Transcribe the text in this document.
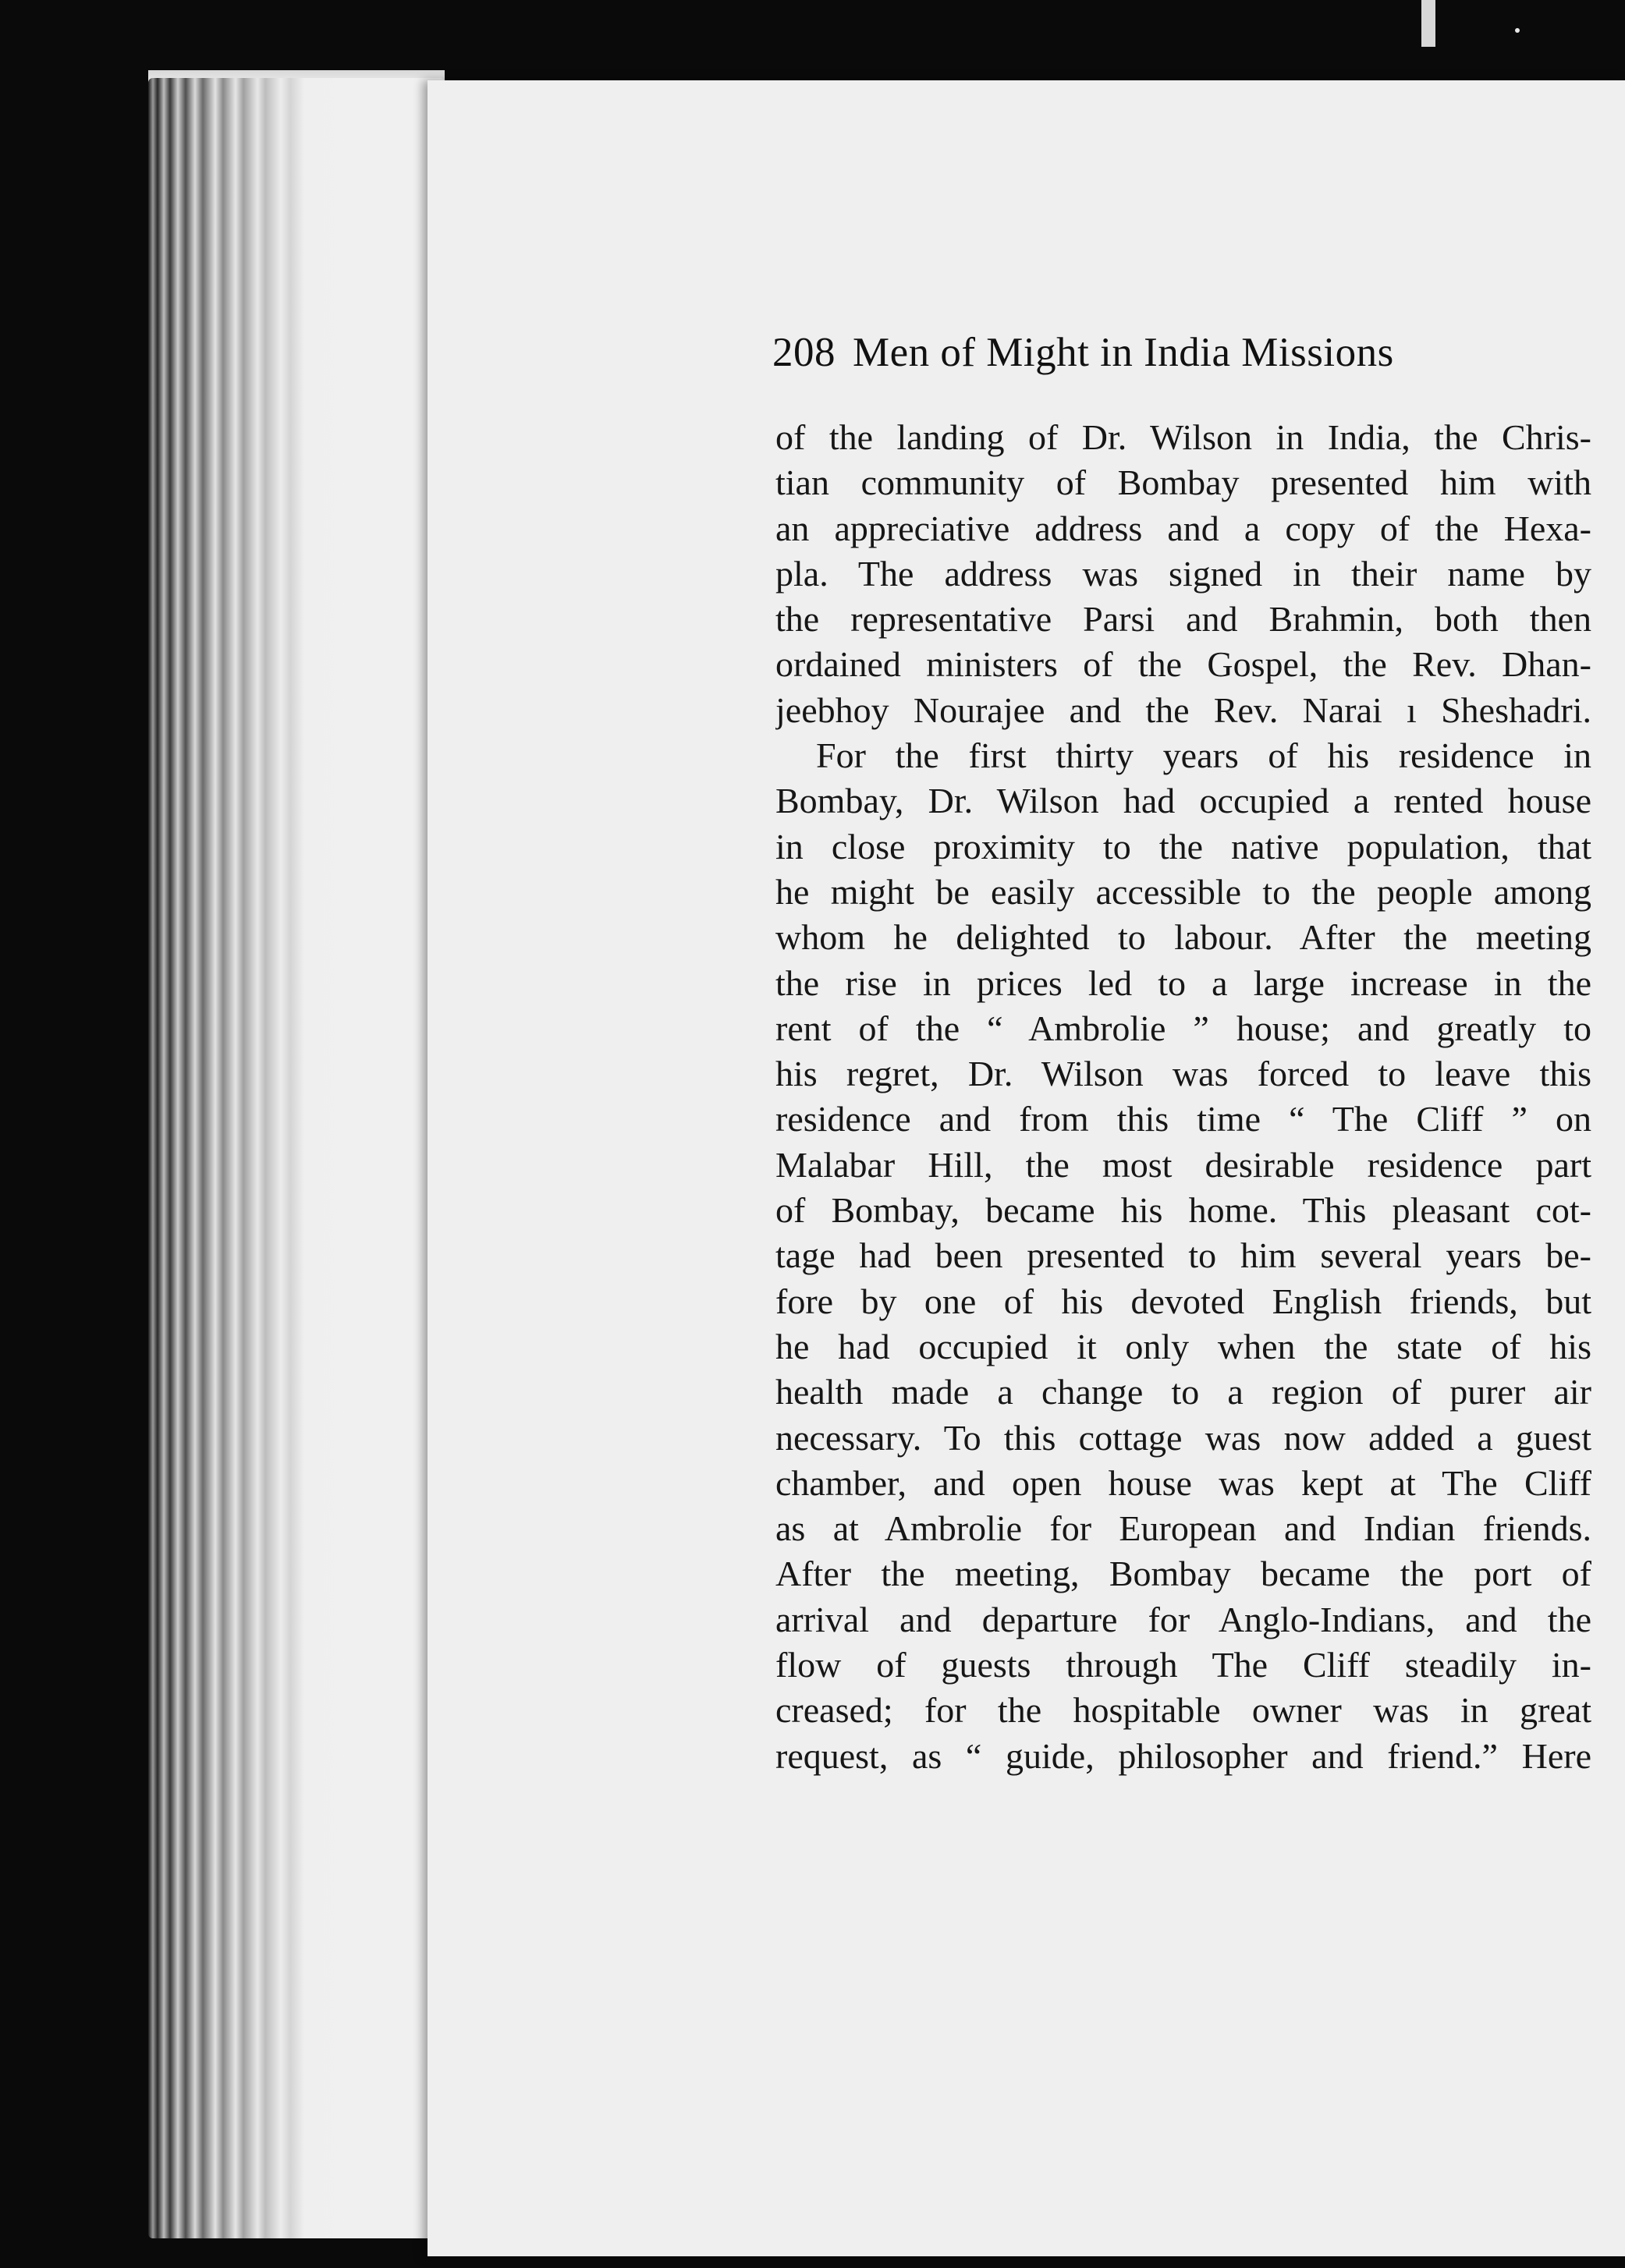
208 Men of Might in India Missions
of the landing of Dr. Wilson in India, the Chris-
tian community of Bombay presented him with
an appreciative address and a copy of the Hexa-
pla. The address was signed in their name by
the representative Parsi and Brahmin, both then
ordained ministers of the Gospel, the Rev. Dhan-
jeebhoy Nourajee and the Rev. Narai ı Sheshadri.
For the first thirty years of his residence in
Bombay, Dr. Wilson had occupied a rented house
in close proximity to the native population, that
he might be easily accessible to the people among
whom he delighted to labour. After the meeting
the rise in prices led to a large increase in the
rent of the “ Ambrolie ” house; and greatly to
his regret, Dr. Wilson was forced to leave this
residence and from this time “ The Cliff ” on
Malabar Hill, the most desirable residence part
of Bombay, became his home. This pleasant cot-
tage had been presented to him several years be-
fore by one of his devoted English friends, but
he had occupied it only when the state of his
health made a change to a region of purer air
necessary. To this cottage was now added a guest
chamber, and open house was kept at The Cliff
as at Ambrolie for European and Indian friends.
After the meeting, Bombay became the port of
arrival and departure for Anglo-Indians, and the
flow of guests through The Cliff steadily in-
creased; for the hospitable owner was in great
request, as “ guide, philosopher and friend.” Here
